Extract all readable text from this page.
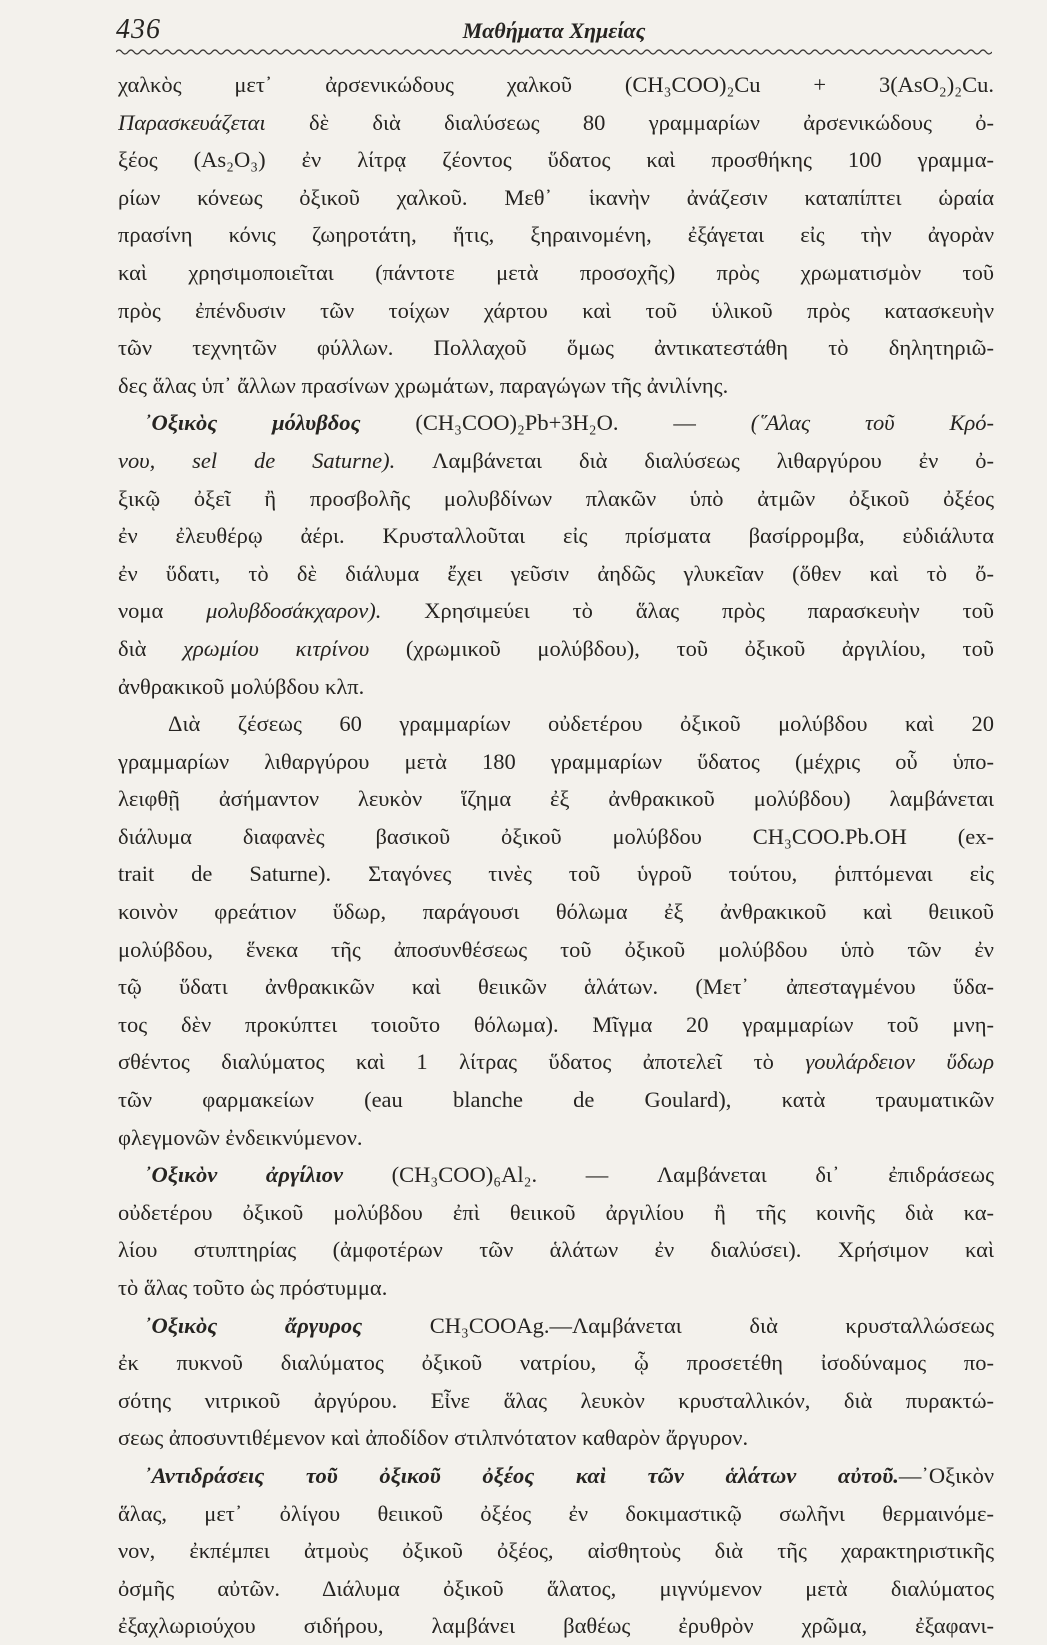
436	Μαθήματα Χημείας
χαλκὸς μετ᾽ ἀρσενικώδους χαλκοῦ (CH₃COO)₂Cu + 3(AsO₂)₂Cu.
Παρασκευάζεται δὲ διὰ διαλύσεως 80 γραμμαρίων ἀρσενικώδους ὀ-
ξέος (As₂O₃) ἐν λίτρᾳ ζέοντος ὕδατος καὶ προσθήκης 100 γραμμα-
ρίων κόνεως ὀξικοῦ χαλκοῦ. Μεθ᾽ ἱκανὴν ἀνάζεσιν καταπίπτει ὡραία
πρασίνη κόνις ζωηροτάτη, ἥτις, ξηραινομένη, ἐξάγεται εἰς τὴν ἀγορὰν
καὶ χρησιμοποιεῖται (πάντοτε μετὰ προσοχῆς) πρὸς χρωματισμὸν τοῦ
πρὸς ἐπένδυσιν τῶν τοίχων χάρτου καὶ τοῦ ὑλικοῦ πρὸς κατασκευὴν
τῶν τεχνητῶν φύλλων. Πολλαχοῦ ὅμως ἀντικατεστάθη τὸ δηλητηριῶ-
δες ἅλας ὑπ᾽ ἄλλων πρασίνων χρωμάτων, παραγώγων τῆς ἀνιλίνης.
᾿Οξικὸς μόλυβδος (CH₃COO)₂Pb+3H₂O. — (῞Αλας τοῦ Κρό-
νου, sel de Saturne). Λαμβάνεται διὰ διαλύσεως λιθαργύρου ἐν ὀ-
ξικῷ ὀξεῖ ἢ προσβολῆς μολυβδίνων πλακῶν ὑπὸ ἀτμῶν ὀξικοῦ ὀξέος
ἐν ἐλευθέρῳ ἀέρι. Κρυσταλλοῦται εἰς πρίσματα βασίρρομβα, εὐδιάλυτα
ἐν ὕδατι, τὸ δὲ διάλυμα ἔχει γεῦσιν ἀηδῶς γλυκεῖαν (ὅθεν καὶ τὸ ὄ-
νομα μολυβδοσάκχαρον). Χρησιμεύει τὸ ἅλας πρὸς παρασκευὴν τοῦ
διὰ χρωμίου κιτρίνου (χρωμικοῦ μολύβδου), τοῦ ὀξικοῦ ἀργιλίου, τοῦ
ἀνθρακικοῦ μολύβδου κλπ.
Διὰ ζέσεως 60 γραμμαρίων οὐδετέρου ὀξικοῦ μολύβδου καὶ 20
γραμμαρίων λιθαργύρου μετὰ 180 γραμμαρίων ὕδατος (μέχρις οὗ ὑπο-
λειφθῇ ἀσήμαντον λευκὸν ἵζημα ἐξ ἀνθρακικοῦ μολύβδου) λαμβάνεται
διάλυμα διαφανὲς βασικοῦ ὀξικοῦ μολύβδου CH₃COO.Pb.OH (ex-
trait de Saturne). Σταγόνες τινὲς τοῦ ὑγροῦ τούτου, ῥιπτόμεναι εἰς
κοινὸν φρεάτιον ὕδωρ, παράγουσι θόλωμα ἐξ ἀνθρακικοῦ καὶ θειικοῦ
μολύβδου, ἕνεκα τῆς ἀποσυνθέσεως τοῦ ὀξικοῦ μολύβδου ὑπὸ τῶν ἐν
τῷ ὕδατι ἀνθρακικῶν καὶ θειικῶν ἁλάτων. (Μετ᾽ ἀπεσταγμένου ὕδα-
τος δὲν προκύπτει τοιοῦτο θόλωμα). Μῖγμα 20 γραμμαρίων τοῦ μνη-
σθέντος διαλύματος καὶ 1 λίτρας ὕδατος ἀποτελεῖ τὸ γουλάρδειον ὕδωρ
τῶν φαρμακείων (eau blanche de Goulard), κατὰ τραυματικῶν
φλεγμονῶν ἐνδεικνύμενον.
᾿Οξικὸν ἀργίλιον (CH₃COO)₆Al₂. — Λαμβάνεται δι᾽ ἐπιδράσεως
οὐδετέρου ὀξικοῦ μολύβδου ἐπὶ θειικοῦ ἀργιλίου ἢ τῆς κοινῆς διὰ κα-
λίου στυπτηρίας (ἀμφοτέρων τῶν ἁλάτων ἐν διαλύσει). Χρήσιμον καὶ
τὸ ἅλας τοῦτο ὡς πρόστυμμα.
᾿Οξικὸς ἄργυρος CH₃COOAg.—Λαμβάνεται διὰ κρυσταλλώσεως
ἐκ πυκνοῦ διαλύματος ὀξικοῦ νατρίου, ᾧ προσετέθη ἰσοδύναμος πο-
σότης νιτρικοῦ ἀργύρου. Εἶνε ἅλας λευκὸν κρυσταλλικόν, διὰ πυρακτώ-
σεως ἀποσυντιθέμενον καὶ ἀποδίδον στιλπνότατον καθαρὸν ἄργυρον.
᾿Αντιδράσεις τοῦ ὀξικοῦ ὀξέος καὶ τῶν ἁλάτων αὐτοῦ.—᾿Οξικὸν
ἅλας, μετ᾽ ὀλίγου θειικοῦ ὀξέος ἐν δοκιμαστικῷ σωλῆνι θερμαινόμε-
νον, ἐκπέμπει ἀτμοὺς ὀξικοῦ ὀξέος, αἰσθητοὺς διὰ τῆς χαρακτηριστικῆς
ὀσμῆς αὐτῶν. Διάλυμα ὀξικοῦ ἅλατος, μιγνύμενον μετὰ διαλύματος
ἐξαχλωριούχου σιδήρου, λαμβάνει βαθέως ἐρυθρὸν χρῶμα, ἐξαφανι-
